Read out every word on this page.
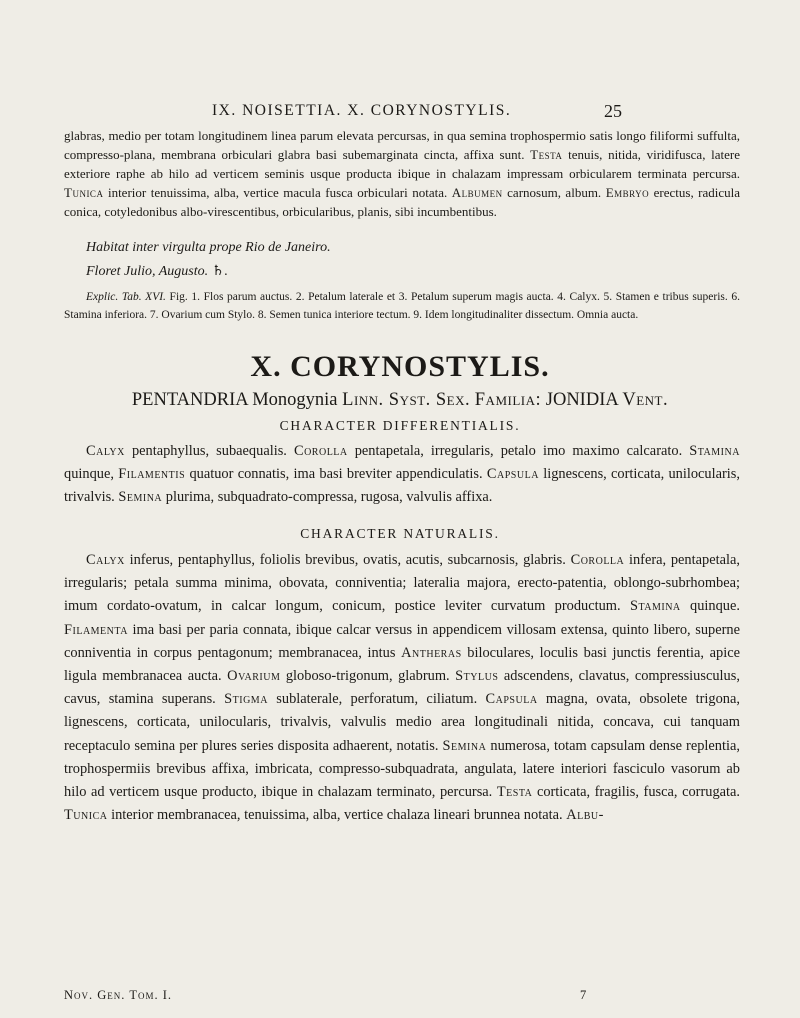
IX. NOISETTIA. X. CORYNOSTYLIS.	25
glabras, medio per totam longitudinem linea parum elevata percursas, in qua semina trophospermio satis longo filiformi suffulta, compresso-plana, membrana orbiculari glabra basi subemarginata cincta, affixa sunt. Testa tenuis, nitida, viridifusca, latere exteriore raphe ab hilo ad verticem seminis usque producta ibique in chalazam impressam orbicularem terminata percursa. Tunica interior tenuissima, alba, vertice macula fusca orbiculari notata. Albumen carnosum, album. Embryo erectus, radicula conica, cotyledonibus albo-virescentibus, orbicularibus, planis, sibi incumbentibus.
Habitat inter virgulta prope Rio de Janeiro.
Floret Julio, Augusto. ♄.
Explic. Tab. XVI. Fig. 1. Flos parum auctus. 2. Petalum laterale et 3. Petalum superum magis aucta. 4. Calyx. 5. Stamen e tribus superis. 6. Stamina inferiora. 7. Ovarium cum Stylo. 8. Semen tunica interiore tectum. 9. Idem longitudinaliter dissectum. Omnia aucta.
X. CORYNOSTYLIS.
PENTANDRIA Monogynia Linn. Syst. Sex. Familia: JONIDIA Vent.
CHARACTER DIFFERENTIALIS.
Calyx pentaphyllus, subaequalis. Corolla pentapetala, irregularis, petalo imo maximo calcarato. Stamina quinque, Filamentis quatuor connatis, ima basi breviter appendiculatis. Capsula lignescens, corticata, unilocularis, trivalvis. Semina plurima, subquadrato-compressa, rugosa, valvulis affixa.
CHARACTER NATURALIS.
Calyx inferus, pentaphyllus, foliolis brevibus, ovatis, acutis, subcarnosis, glabris. Corolla infera, pentapetala, irregularis; petala summa minima, obovata, conniventia; lateralia majora, erecto-patentia, oblongo-subrhombea; imum cordato-ovatum, in calcar longum, conicum, postice leviter curvatum productum. Stamina quinque. Filamenta ima basi per paria connata, ibique calcar versus in appendicem villosam extensa, quinto libero, superne conniventia in corpus pentagonum; membranacea, intus Antheras biloculares, loculis basi junctis ferentia, apice ligula membranacea aucta. Ovarium globoso-trigonum, glabrum. Stylus adscendens, clavatus, compressiusculus, cavus, stamina superans. Stigma sublaterale, perforatum, ciliatum. Capsula magna, ovata, obsolete trigona, lignescens, corticata, unilocularis, trivalvis, valvulis medio area longitudinali nitida, concava, cui tanquam receptaculo semina per plures series disposita adhaerent, notatis. Semina numerosa, totam capsulam dense replentia, trophospermiis brevibus affixa, imbricata, compresso-subquadrata, angulata, latere interiori fasciculo vasorum ab hilo ad verticem usque producto, ibique in chalazam terminato, percursa. Testa corticata, fragilis, fusca, corrugata. Tunica interior membranacea, tenuissima, alba, vertice chalaza lineari brunnea notata. Albu-
Nov. Gen. Tom. I.	7
